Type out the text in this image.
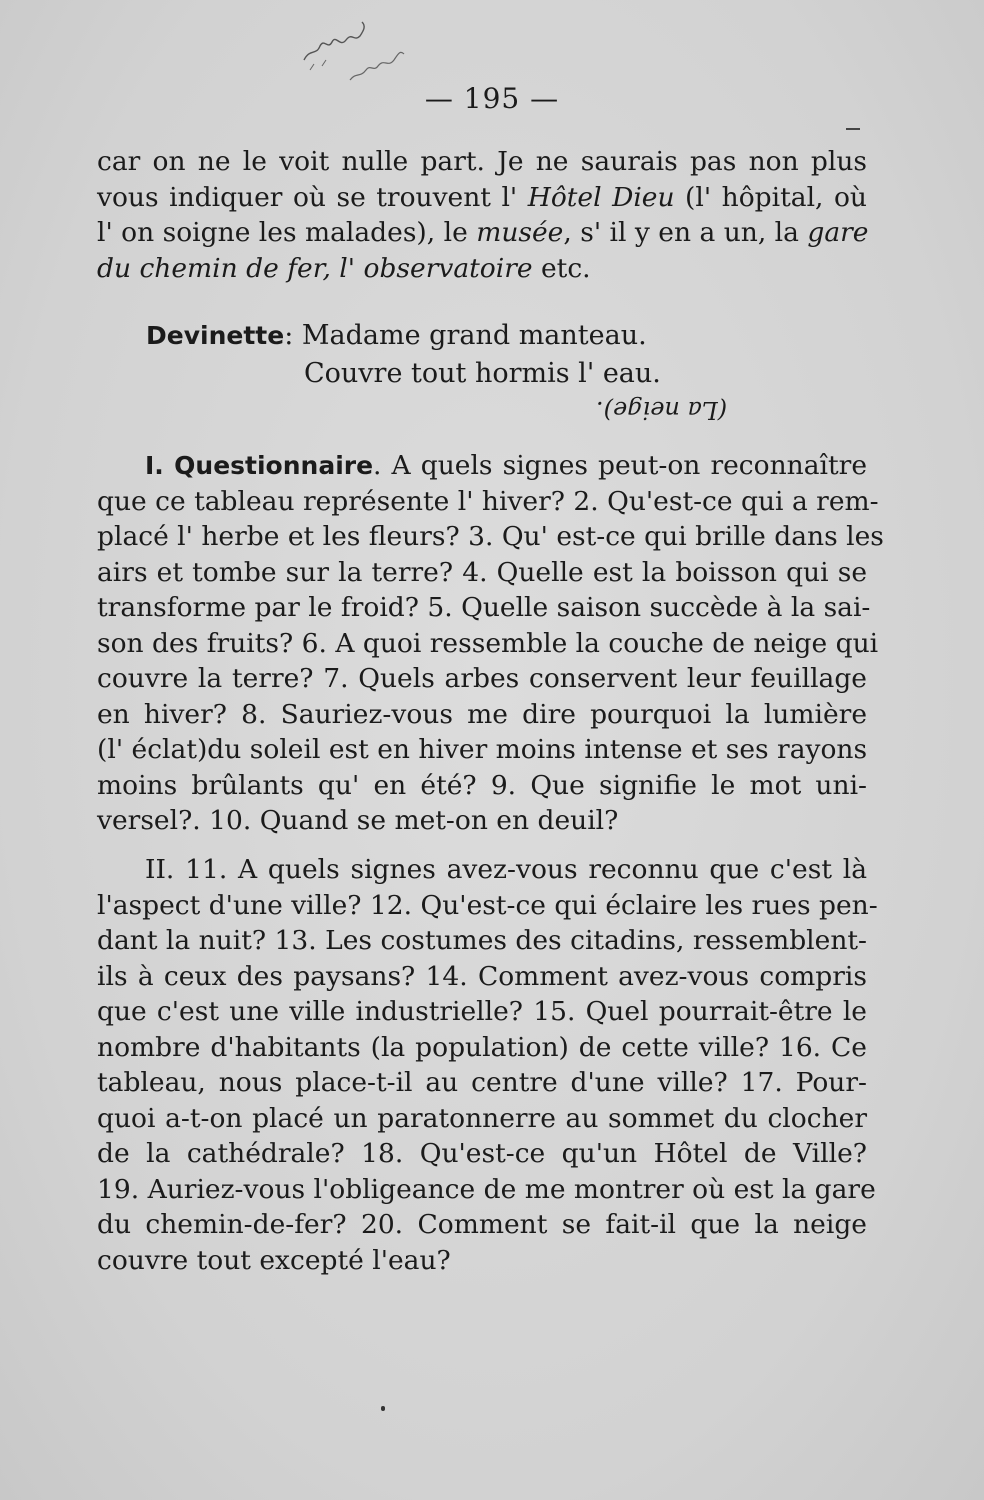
— 195 —
car on ne le voit nulle part. Je ne saurais pas non plus
vous indiquer où se trouvent l' Hôtel Dieu (l' hôpital, où
l' on soigne les malades), le musée, s' il y en a un, la gare
du chemin de fer, l' observatoire etc.
Devinette: Madame grand manteau.
Couvre tout hormis l' eau.
(La neige).
I. Questionnaire. A quels signes peut-on reconnaître
que ce tableau représente l' hiver? 2. Qu'est-ce qui a rem-
placé l' herbe et les fleurs? 3. Qu' est-ce qui brille dans les
airs et tombe sur la terre? 4. Quelle est la boisson qui se
transforme par le froid? 5. Quelle saison succède à la sai-
son des fruits? 6. A quoi ressemble la couche de neige qui
couvre la terre? 7. Quels arbes conservent leur feuillage
en hiver? 8. Sauriez-vous me dire pourquoi la lumière
(l' éclat)du soleil est en hiver moins intense et ses rayons
moins brûlants qu' en été? 9. Que signifie le mot uni-
versel?. 10. Quand se met-on en deuil?
II. 11. A quels signes avez-vous reconnu que c'est là
l'aspect d'une ville? 12. Qu'est-ce qui éclaire les rues pen-
dant la nuit? 13. Les costumes des citadins, ressemblent-
ils à ceux des paysans? 14. Comment avez-vous compris
que c'est une ville industrielle? 15. Quel pourrait-être le
nombre d'habitants (la population) de cette ville? 16. Ce
tableau, nous place-t-il au centre d'une ville? 17. Pour-
quoi a-t-on placé un paratonnerre au sommet du clocher
de la cathédrale? 18. Qu'est-ce qu'un Hôtel de Ville?
19. Auriez-vous l'obligeance de me montrer où est la gare
du chemin-de-fer? 20. Comment se fait-il que la neige
couvre tout excepté l'eau?
